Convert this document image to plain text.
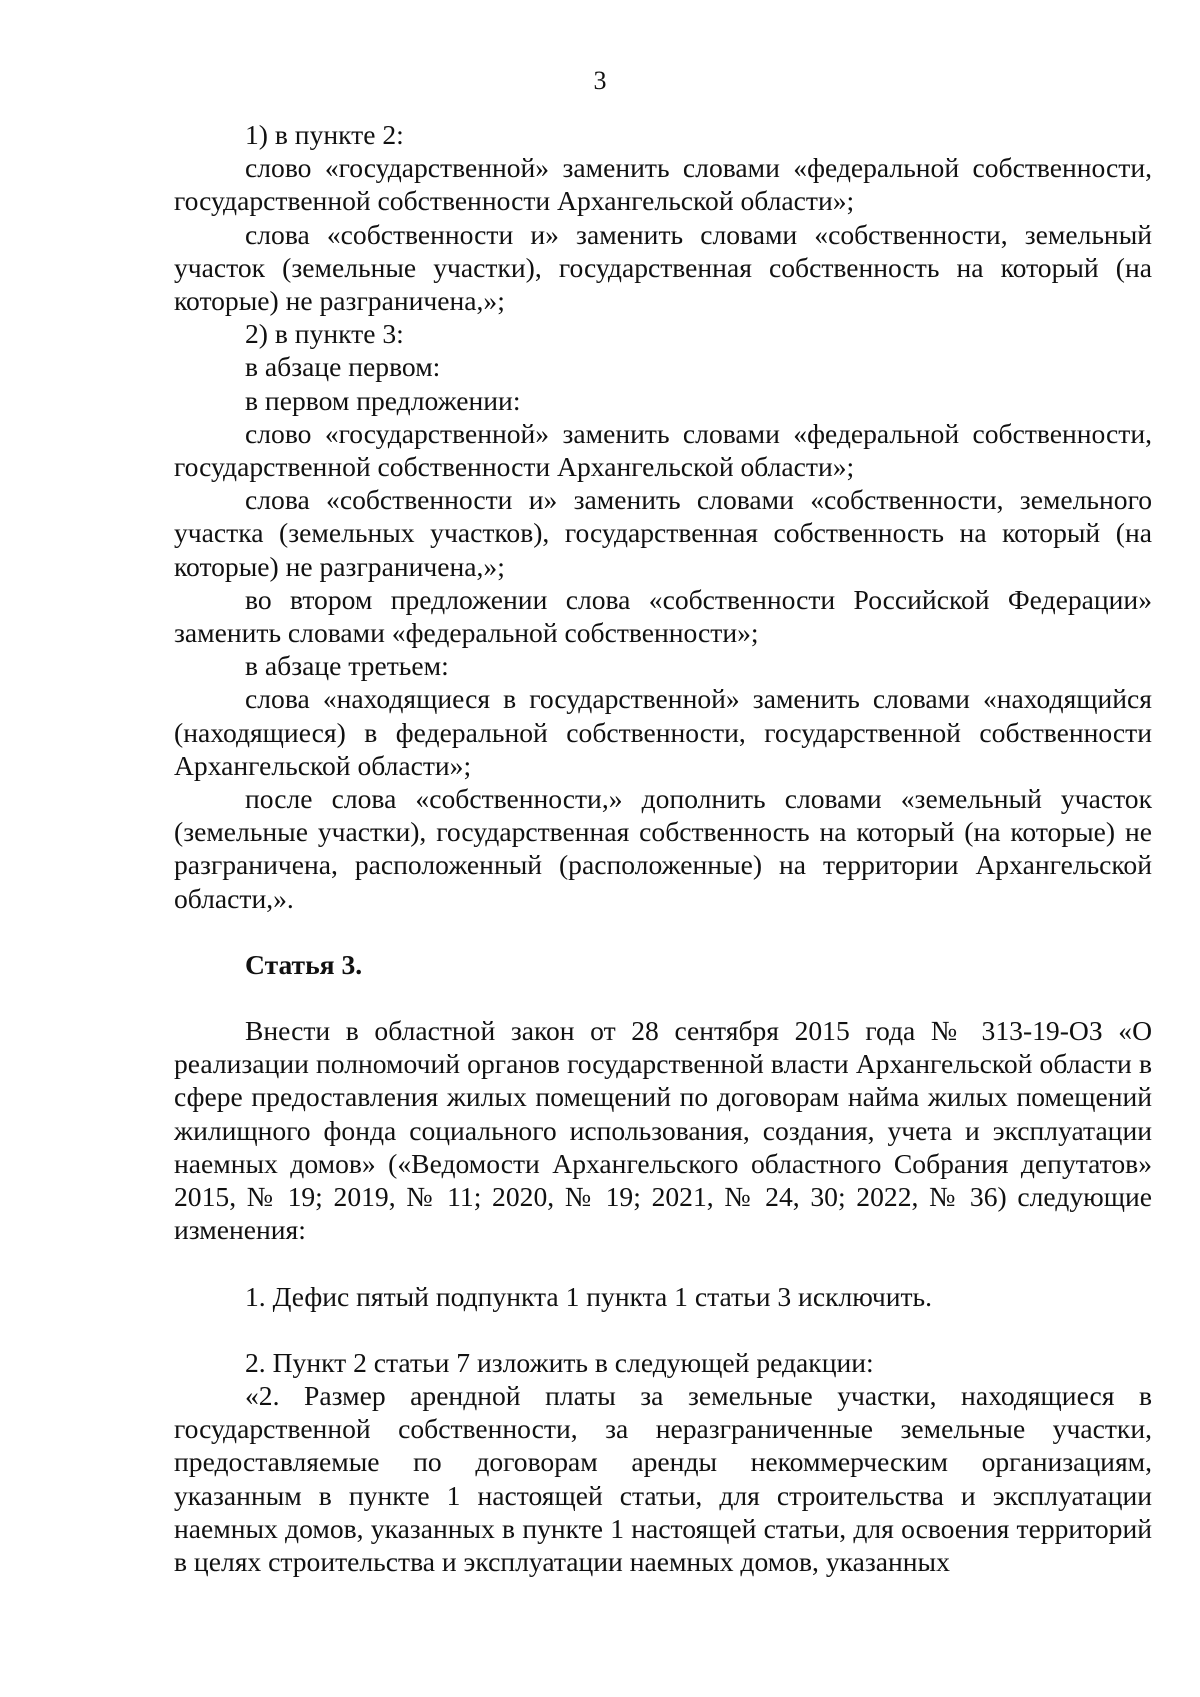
3

1) в пункте 2:

слово «государственной» заменить словами «федеральной собственности, государственной собственности Архангельской области»;

слова «собственности и» заменить словами «собственности, земельный участок (земельные участки), государственная собственность на который (на которые) не разграничена,»;

2) в пункте 3:

в абзаце первом:

в первом предложении:

слово «государственной» заменить словами «федеральной собственности, государственной собственности Архангельской области»;

слова «собственности и» заменить словами «собственности, земельного участка (земельных участков), государственная собственность на который (на которые) не разграничена,»;

во втором предложении слова «собственности Российской Федерации» заменить словами «федеральной собственности»;

в абзаце третьем:

слова «находящиеся в государственной» заменить словами «находящийся (находящиеся) в федеральной собственности, государственной собственности Архангельской области»;

после слова «собственности,» дополнить словами «земельный участок (земельные участки), государственная собственность на который (на которые) не разграничена, расположенный (расположенные) на территории Архангельской области,».

Статья 3.

Внести в областной закон от 28 сентября 2015 года № 313-19-ОЗ «О реализации полномочий органов государственной власти Архангельской области в сфере предоставления жилых помещений по договорам найма жилых помещений жилищного фонда социального использования, создания, учета и эксплуатации наемных домов» («Ведомости Архангельского областного Собрания депутатов» 2015, № 19; 2019, № 11; 2020, № 19; 2021, № 24, 30; 2022, № 36) следующие изменения:

1. Дефис пятый подпункта 1 пункта 1 статьи 3 исключить.

2. Пункт 2 статьи 7 изложить в следующей редакции:

«2. Размер арендной платы за земельные участки, находящиеся в государственной собственности, за неразграниченные земельные участки, предоставляемые по договорам аренды некоммерческим организациям, указанным в пункте 1 настоящей статьи, для строительства и эксплуатации наемных домов, указанных в пункте 1 настоящей статьи, для освоения территорий в целях строительства и эксплуатации наемных домов, указанных
